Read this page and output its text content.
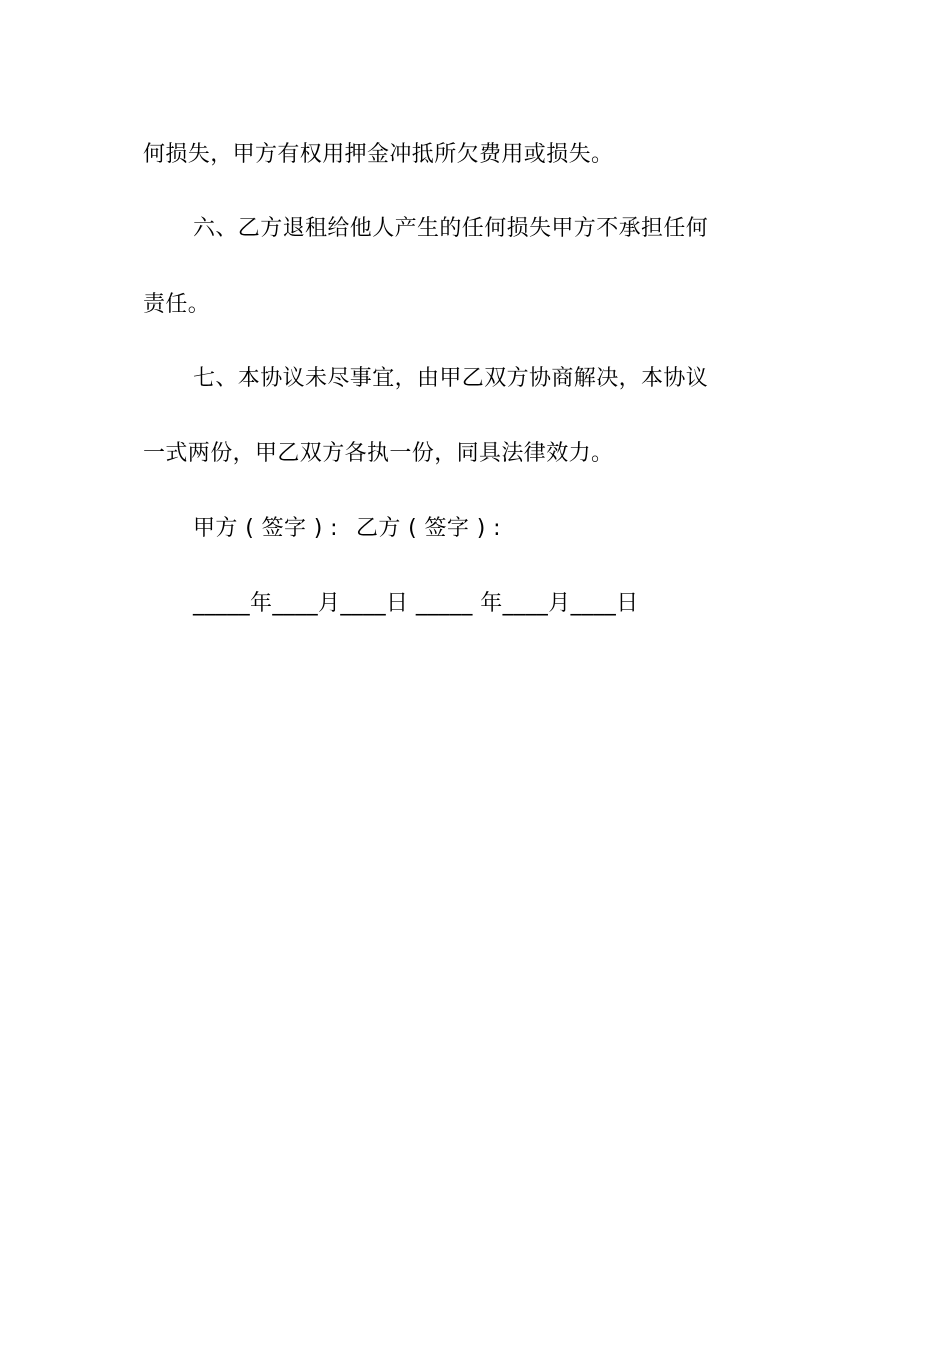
何损失，甲方有权用押金冲抵所欠费用或损失。
六、乙方退租给他人产生的任何损失甲方不承担任何
责任。
七、本协议未尽事宜，由甲乙双方协商解决，本协议
一式两份，甲乙双方各执一份，同具法律效力。
甲方 ( 签字 ) : 乙方 ( 签字 ) :
_____年____月____日 _____ 年____月____日
